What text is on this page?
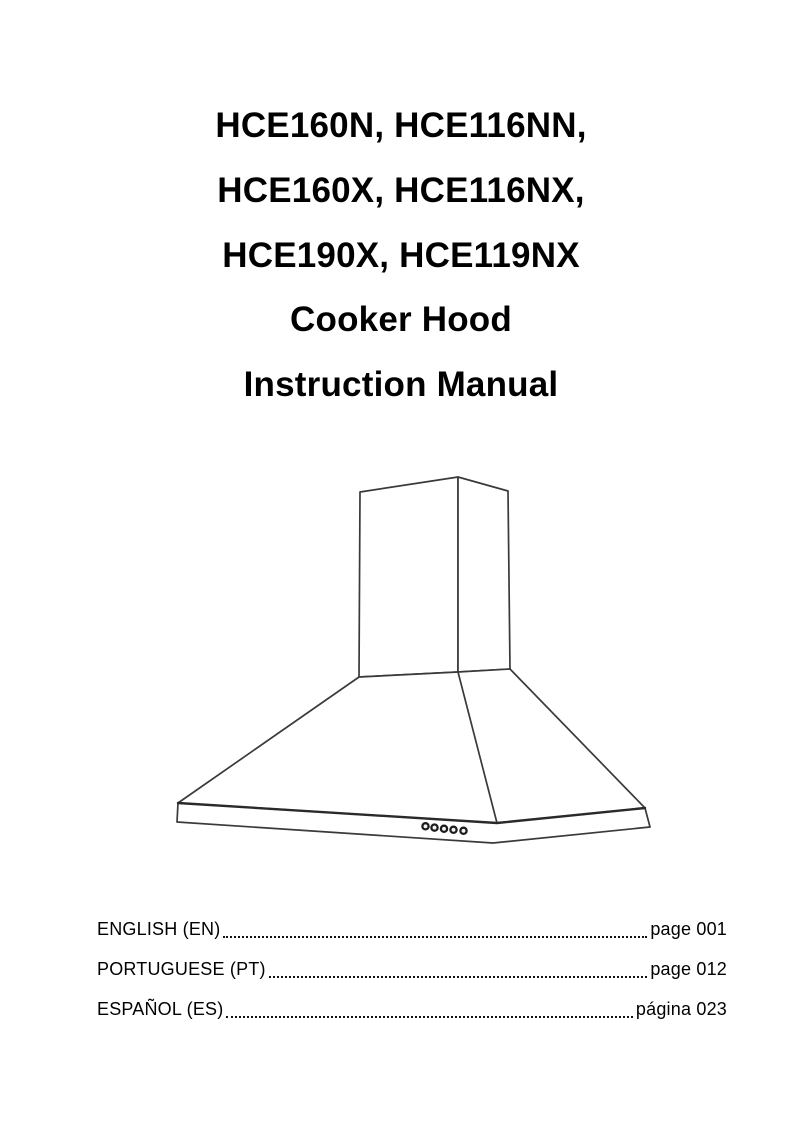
HCE160N, HCE116NN,
HCE160X, HCE116NX,
HCE190X, HCE119NX
Cooker Hood
Instruction Manual
ENGLISH (EN)	page 001
PORTUGUESE (PT)	page 012
ESPAÑOL (ES)	página 023
